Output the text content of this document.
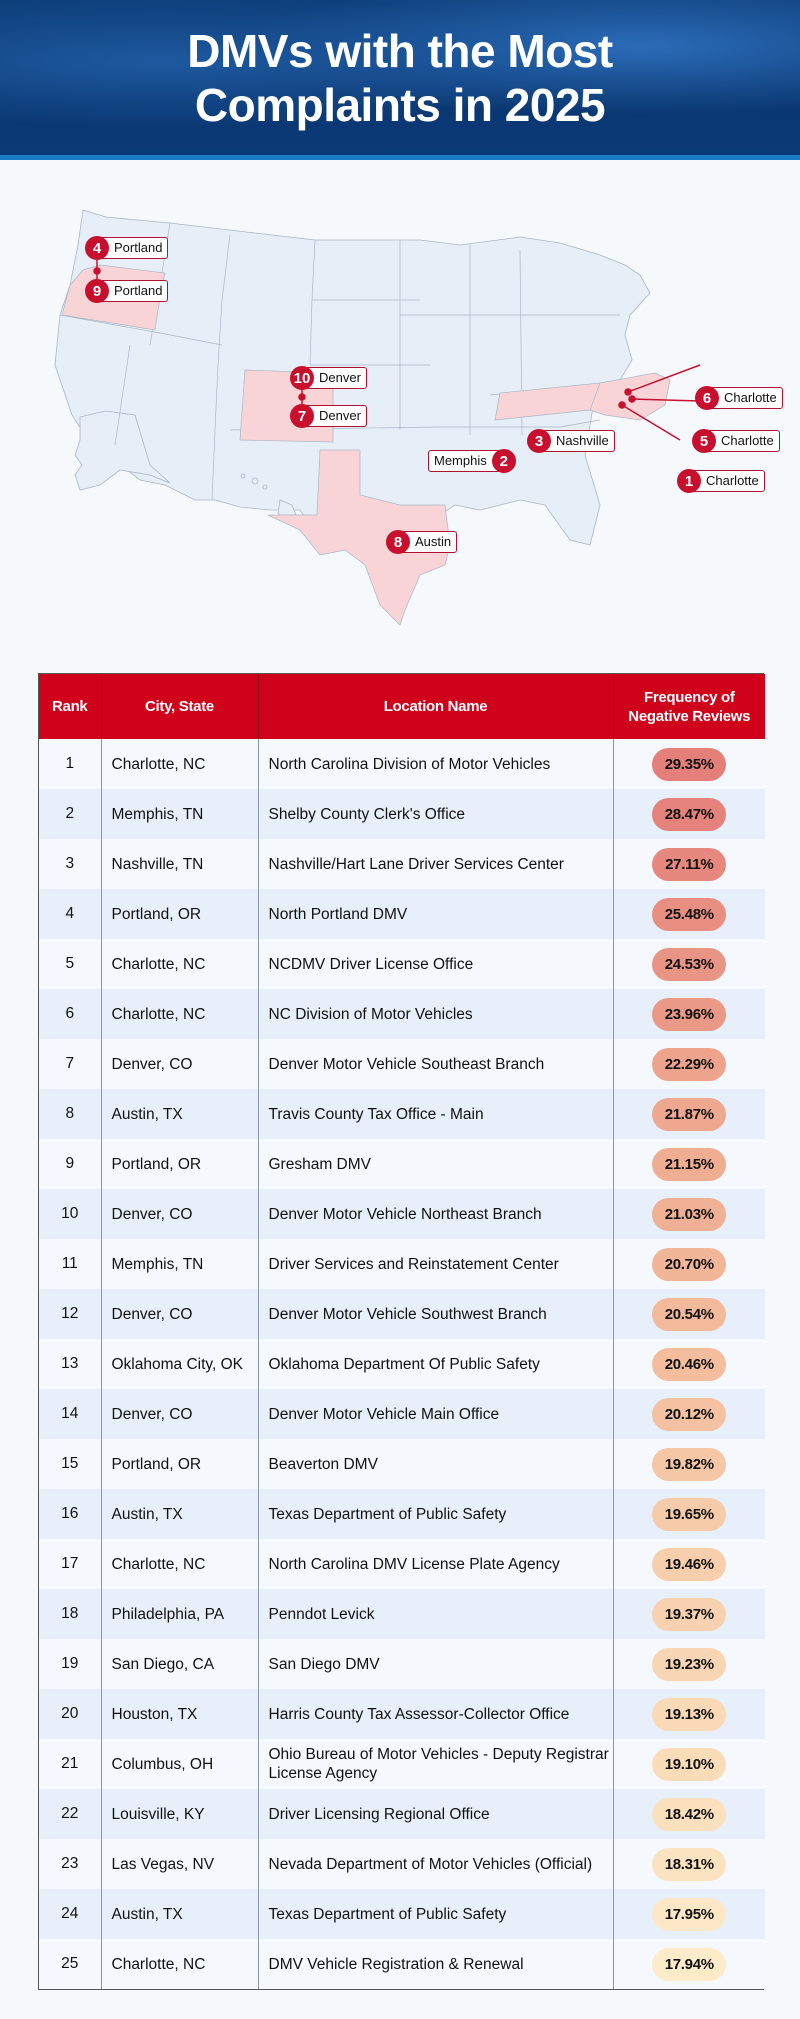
DMVs with the Most Complaints in 2025
4 Portland
9 Portland
10 Denver
7 Denver
6 Charlotte
3 Nashville	5 Charlotte
Memphis 2
1 Charlotte
8 Austin
Rank	City, State	Location Name	Frequency of Negative Reviews
1	Charlotte, NC	North Carolina Division of Motor Vehicles	29.35%
2	Memphis, TN	Shelby County Clerk's Office	28.47%
3	Nashville, TN	Nashville/Hart Lane Driver Services Center	27.11%
4	Portland, OR	North Portland DMV	25.48%
5	Charlotte, NC	NCDMV Driver License Office	24.53%
6	Charlotte, NC	NC Division of Motor Vehicles	23.96%
7	Denver, CO	Denver Motor Vehicle Southeast Branch	22.29%
8	Austin, TX	Travis County Tax Office - Main	21.87%
9	Portland, OR	Gresham DMV	21.15%
10	Denver, CO	Denver Motor Vehicle Northeast Branch	21.03%
11	Memphis, TN	Driver Services and Reinstatement Center	20.70%
12	Denver, CO	Denver Motor Vehicle Southwest Branch	20.54%
13	Oklahoma City, OK	Oklahoma Department Of Public Safety	20.46%
14	Denver, CO	Denver Motor Vehicle Main Office	20.12%
15	Portland, OR	Beaverton DMV	19.82%
16	Austin, TX	Texas Department of Public Safety	19.65%
17	Charlotte, NC	North Carolina DMV License Plate Agency	19.46%
18	Philadelphia, PA	Penndot Levick	19.37%
19	San Diego, CA	San Diego DMV	19.23%
20	Houston, TX	Harris County Tax Assessor-Collector Office	19.13%
21	Columbus, OH	Ohio Bureau of Motor Vehicles - Deputy Registrar License Agency	19.10%
22	Louisville, KY	Driver Licensing Regional Office	18.42%
23	Las Vegas, NV	Nevada Department of Motor Vehicles (Official)	18.31%
24	Austin, TX	Texas Department of Public Safety	17.95%
25	Charlotte, NC	DMV Vehicle Registration & Renewal	17.94%
